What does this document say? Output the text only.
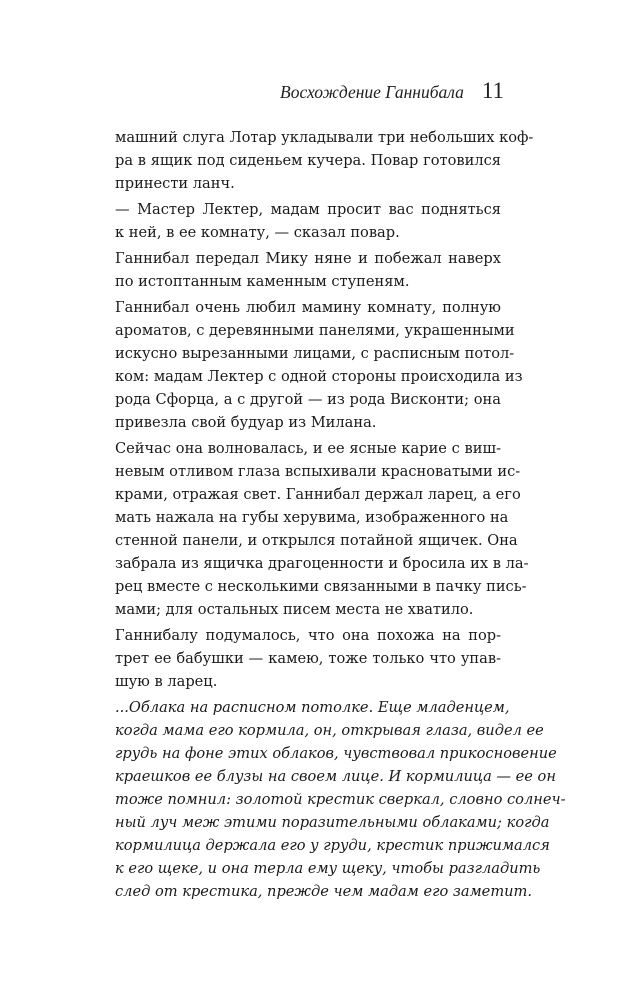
Восхождение Ганнибала 11
машний слуга Лотар укладывали три небольших коф-
ра в ящик под сиденьем кучера. Повар готовился
принести ланч.
— Мастер Лектер, мадам просит вас подняться
к ней, в ее комнату, — сказал повар.
Ганнибал передал Мику няне и побежал наверх
по истоптанным каменным ступеням.
Ганнибал очень любил мамину комнату, полную
ароматов, с деревянными панелями, украшенными
искусно вырезанными лицами, с расписным потол-
ком: мадам Лектер с одной стороны происходила из
рода Сфорца, а с другой — из рода Висконти; она
привезла свой будуар из Милана.
Сейчас она волновалась, и ее ясные карие с виш-
невым отливом глаза вспыхивали красноватыми ис-
крами, отражая свет. Ганнибал держал ларец, а его
мать нажала на губы херувима, изображенного на
стенной панели, и открылся потайной ящичек. Она
забрала из ящичка драгоценности и бросила их в ла-
рец вместе с несколькими связанными в пачку пись-
мами; для остальных писем места не хватило.
Ганнибалу подумалось, что она похожа на пор-
трет ее бабушки — камею, тоже только что упав-
шую в ларец.
...Облака на расписном потолке. Еще младенцем,
когда мама его кормила, он, открывая глаза, видел ее
грудь на фоне этих облаков, чувствовал прикосновение
краешков ее блузы на своем лице. И кормилица — ее он
тоже помнил: золотой крестик сверкал, словно солнеч-
ный луч меж этими поразительными облаками; когда
кормилица держала его у груди, крестик прижимался
к его щеке, и она терла ему щеку, чтобы разгладить
след от крестика, прежде чем мадам его заметит.
